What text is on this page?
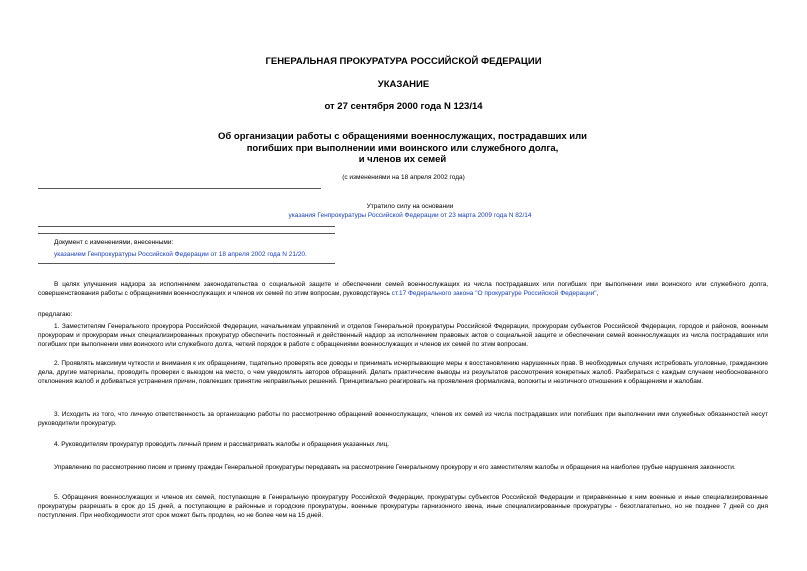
ГЕНЕРАЛЬНАЯ ПРОКУРАТУРА РОССИЙСКОЙ ФЕДЕРАЦИИ
УКАЗАНИЕ
от 27 сентября 2000 года N 123/14
Об организации работы с обращениями военнослужащих, пострадавших или
погибших при выполнении ими воинского или служебного долга,
и членов их семей
(с изменениями на 18 апреля 2002 года)
Утратило силу на основании
указания Генпрокуратуры Российской Федерации от 23 марта 2009 года N 82/14
Документ с изменениями, внесенными:
указанием Генпрокуратуры Российской Федерации от 18 апреля 2002 года N 21/20.

В целях улучшения надзора за исполнением законодательства о социальной защите и обеспечении семей военнослужащих из числа пострадавших или погибших при выполнении ими воинского или служебного долга, совершенствования работы с обращениями военнослужащих и членов их семей по этим вопросам, руководствуясь ст.17 Федерального закона "О прокуратуре Российской Федерации",

предлагаю:

1. Заместителям Генерального прокурора Российской Федерации, начальникам управлений и отделов Генеральной прокуратуры Российской Федерации, прокурорам субъектов Российской Федерации, городов и районов, военным прокурорам и прокурорам иных специализированных прокуратур обеспечить постоянный и действенный надзор за исполнением правовых актов о социальной защите и обеспечении семей военнослужащих из числа пострадавших или погибших при выполнении ими воинского или служебного долга, четкий порядок в работе с обращениями военнослужащих и членов их семей по этим вопросам.

2. Проявлять максимум чуткости и внимания к их обращениям, тщательно проверять все доводы и принимать исчерпывающие меры к восстановлению нарушенных прав. В необходимых случаях истребовать уголовные, гражданские дела, другие материалы, проводить проверки с выездом на место, о чем уведомлять авторов обращений. Делать практические выводы из результатов рассмотрения конкретных жалоб. Разбираться с каждым случаем необоснованного отклонения жалоб и добиваться устранения причин, повлекших принятие неправильных решений. Принципиально реагировать на проявления формализма, волокиты и неэтичного отношения к обращениям и жалобам.

3. Исходить из того, что личную ответственность за организацию работы по рассмотрению обращений военнослужащих, членов их семей из числа пострадавших или погибших при выполнении ими служебных обязанностей несут руководители прокуратур.

4. Руководителям прокуратур проводить личный прием и рассматривать жалобы и обращения указанных лиц.

Управлению по рассмотрению писем и приему граждан Генеральной прокуратуры передавать на рассмотрение Генеральному прокурору и его заместителям жалобы и обращения на наиболее грубые нарушения законности.

5. Обращения военнослужащих и членов их семей, поступающие в Генеральную прокуратуру Российской Федерации, прокуратуры субъектов Российской Федерации и приравненные к ним военные и иные специализированные прокуратуры разрешать в срок до 15 дней, а поступающие в районные и городские прокуратуры, военные прокуратуры гарнизонного звена, иные специализированные прокуратуры - безотлагательно, но не позднее 7 дней со дня поступления. При необходимости этот срок может быть продлен, но не более чем на 15 дней.
